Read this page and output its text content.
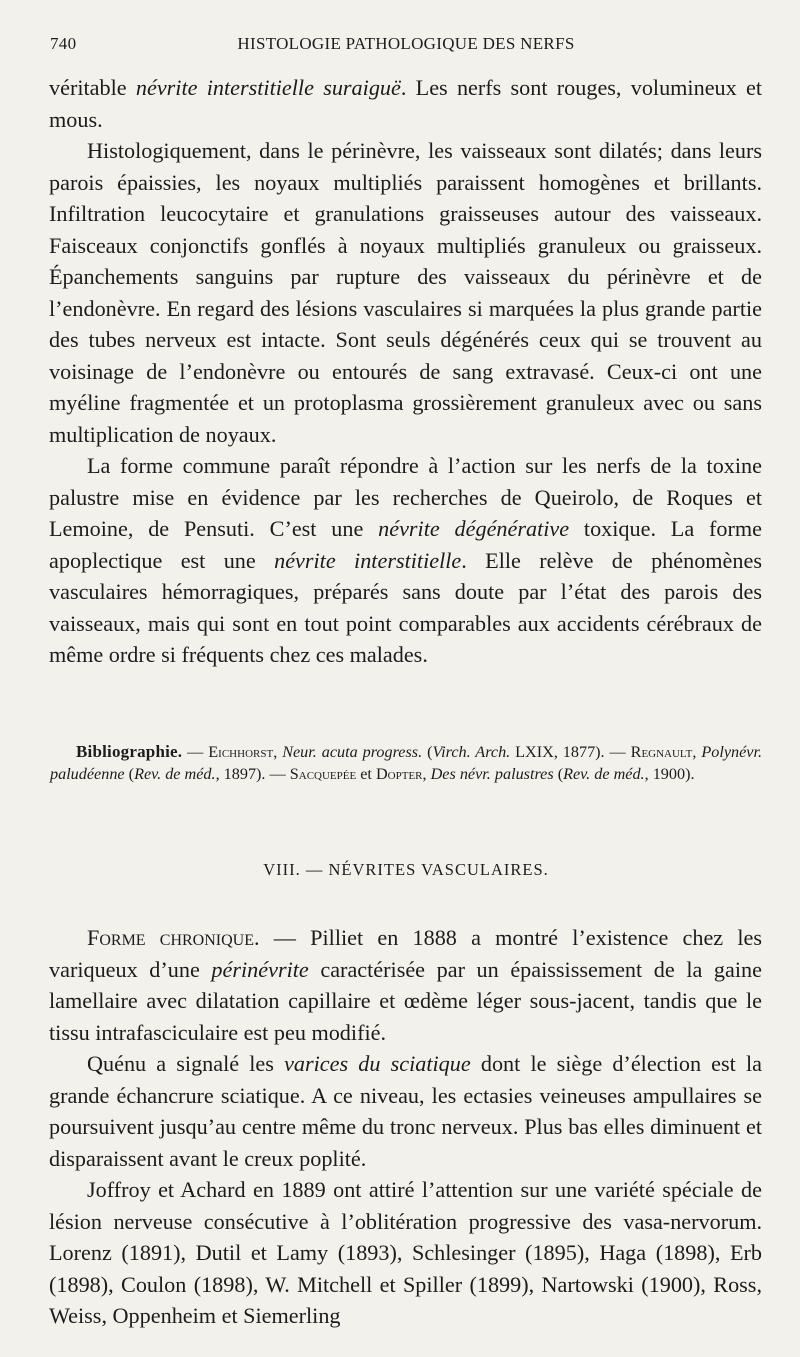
740	HISTOLOGIE PATHOLOGIQUE DES NERFS

véritable névrite interstitielle suraiguë. Les nerfs sont rouges, volumineux et mous.

Histologiquement, dans le périnèvre, les vaisseaux sont dilatés; dans leurs parois épaissies, les noyaux multipliés paraissent homogènes et brillants. Infiltration leucocytaire et granulations graisseuses autour des vaisseaux. Faisceaux conjonctifs gonflés à noyaux multipliés granuleux ou graisseux. Épanchements sanguins par rupture des vaisseaux du périnèvre et de l’endonèvre. En regard des lésions vasculaires si marquées la plus grande partie des tubes nerveux est intacte. Sont seuls dégénérés ceux qui se trouvent au voisinage de l’endonèvre ou entourés de sang extravasé. Ceux-ci ont une myéline fragmentée et un protoplasma grossièrement granuleux avec ou sans multiplication de noyaux.

La forme commune paraît répondre à l’action sur les nerfs de la toxine palustre mise en évidence par les recherches de Queirolo, de Roques et Lemoine, de Pensuti. C’est une névrite dégénérative toxique. La forme apoplectique est une névrite interstitielle. Elle relève de phénomènes vasculaires hémorragiques, préparés sans doute par l’état des parois des vaisseaux, mais qui sont en tout point comparables aux accidents cérébraux de même ordre si fréquents chez ces malades.

Bibliographie. — Eichhorst, Neur. acuta progress. (Virch. Arch. LXIX, 1877). — Regnault, Polynévr. paludéenne (Rev. de méd., 1897). — Sacquepée et Dopter, Des névr. palustres (Rev. de méd., 1900).

VIII. — NÉVRITES VASCULAIRES.

Forme chronique. — Pilliet en 1888 a montré l’existence chez les variqueux d’une périnévrite caractérisée par un épaississement de la gaine lamellaire avec dilatation capillaire et œdème léger sous-jacent, tandis que le tissu intrafasciculaire est peu modifié.

Quénu a signalé les varices du sciatique dont le siège d’élection est la grande échancrure sciatique. A ce niveau, les ectasies veineuses ampullaires se poursuivent jusqu’au centre même du tronc nerveux. Plus bas elles diminuent et disparaissent avant le creux poplité.

Joffroy et Achard en 1889 ont attiré l’attention sur une variété spéciale de lésion nerveuse consécutive à l’oblitération progressive des vasa-nervorum. Lorenz (1891), Dutil et Lamy (1893), Schlesinger (1895), Haga (1898), Erb (1898), Coulon (1898), W. Mitchell et Spiller (1899), Nartowski (1900), Ross, Weiss, Oppenheim et Siemerling
